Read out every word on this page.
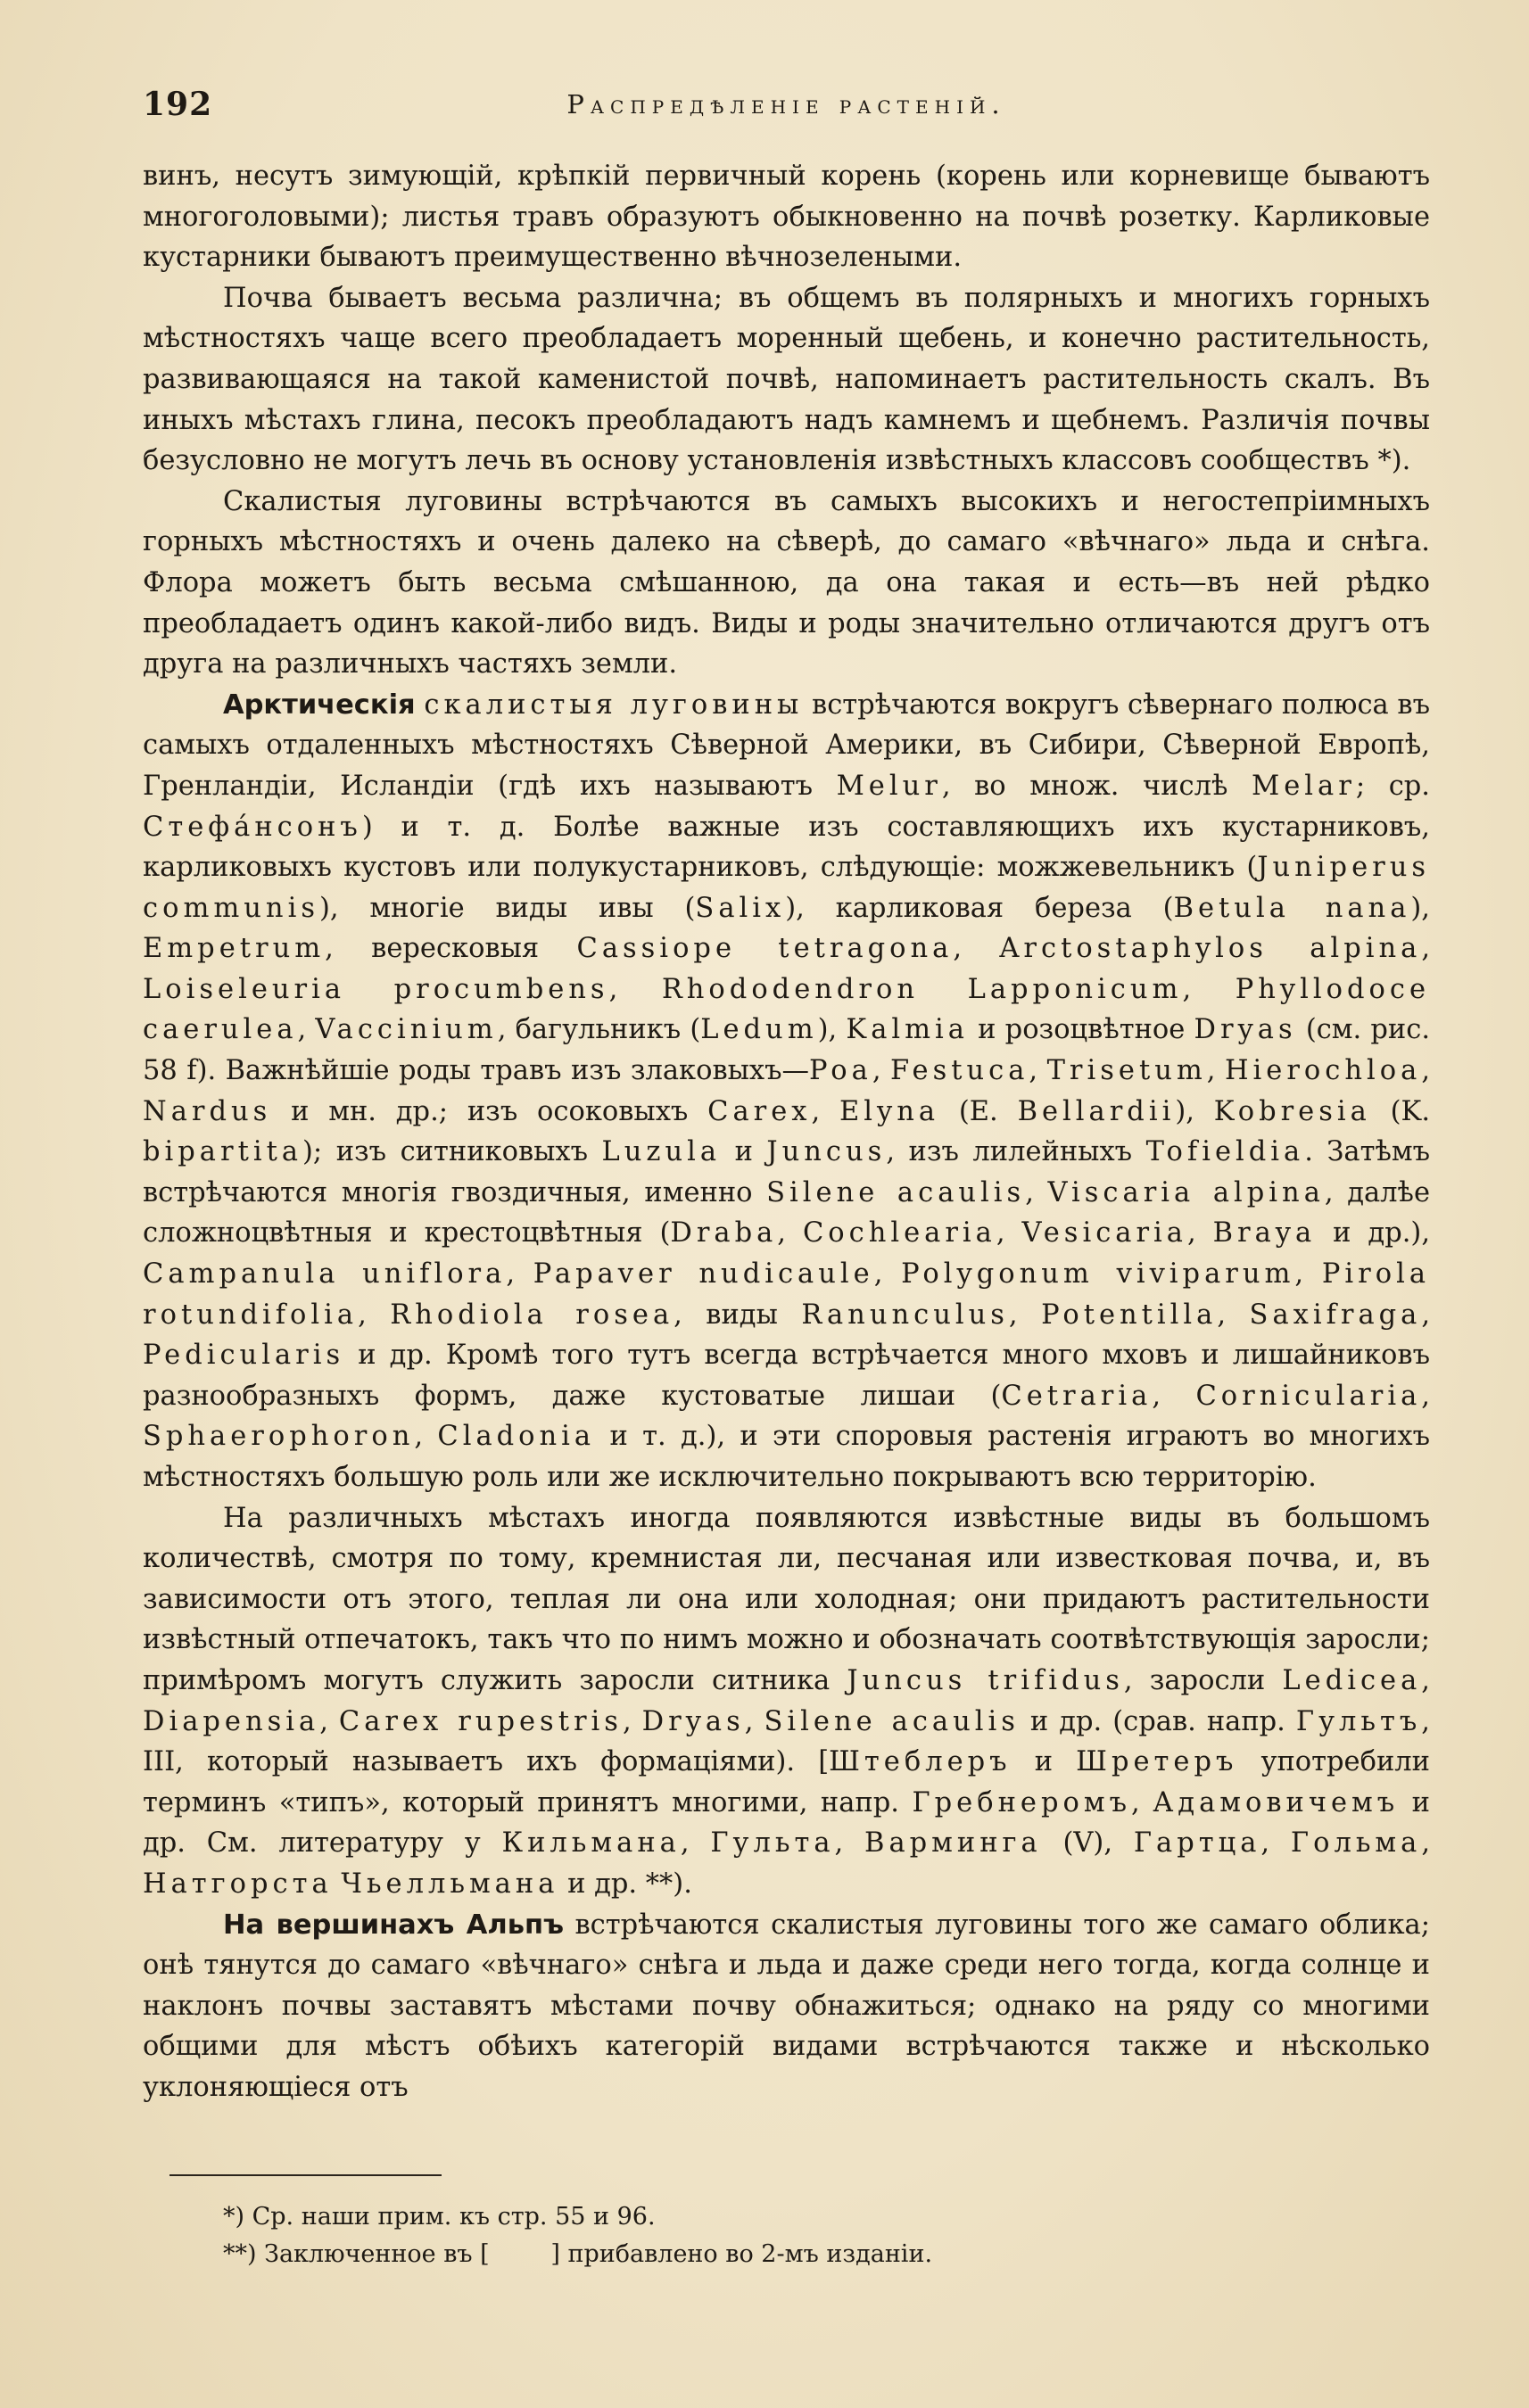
192	Распредѣленіе растенiй.

винъ, несутъ зимующій, крѣпкій первичный корень (корень или корневище бываютъ многоголовыми); листья травъ образуютъ обыкновенно на почвѣ розетку. Карликовые кустарники бываютъ преимущественно вѣчнозелеными.

Почва бываетъ весьма различна; въ общемъ въ полярныхъ и многихъ горныхъ мѣстностяхъ чаще всего преобладаетъ моренный щебень, и конечно растительность, развивающаяся на такой каменистой почвѣ, напоминаетъ растительность скалъ. Въ иныхъ мѣстахъ глина, песокъ преобладаютъ надъ камнемъ и щебнемъ. Различія почвы безусловно не могутъ лечь въ основу установленія извѣстныхъ классовъ сообществъ *).

Скалистыя луговины встрѣчаются въ самыхъ высокихъ и негостепріимныхъ горныхъ мѣстностяхъ и очень далеко на сѣверѣ, до самаго «вѣчнаго» льда и снѣга. Флора можетъ быть весьма смѣшанною, да она такая и есть—въ ней рѣдко преобладаетъ одинъ какой-либо видъ. Виды и роды значительно отличаются другъ отъ друга на различныхъ частяхъ земли.

Арктическія скалистыя луговины встрѣчаются вокругъ сѣвернаго полюса въ самыхъ отдаленныхъ мѣстностяхъ Сѣверной Америки, въ Сибири, Сѣверной Европѣ, Гренландіи, Исландіи (гдѣ ихъ называютъ Melur, во множ. числѣ Melar; ср. Стефáнсонъ) и т. д. Болѣе важные изъ составляющихъ ихъ кустарниковъ, карликовыхъ кустовъ или полукустарниковъ, слѣдующіе: можжевельникъ (Juniperus communis), многіе виды ивы (Salix), карликовая береза (Betula nana), Empetrum, вересковыя Cassiope tetragona, Arctostaphylos alpina, Loiseleuria procumbens, Rhododendron Lapponicum, Phyllodoce caerulea, Vaccinium, багульникъ (Ledum), Kalmia и розоцвѣтное Dryas (см. рис. 58 f). Важнѣйшіе роды травъ изъ злаковыхъ—Poa, Festuca, Trisetum, Hierochloa, Nardus и мн. др.; изъ осоковыхъ Carex, Elyna (E. Bellardii), Kobresia (K. bipartita); изъ ситниковыхъ Luzula и Juncus, изъ лилейныхъ Tofieldia. Затѣмъ встрѣчаются многія гвоздичныя, именно Silene acaulis, Viscaria alpina, далѣе сложноцвѣтныя и крестоцвѣтныя (Draba, Cochlearia, Vesicaria, Braya и др.), Campanula uniflora, Papaver nudicaule, Polygonum viviparum, Pirola rotundifolia, Rhodiola rosea, виды Ranunculus, Potentilla, Saxifraga, Pedicularis и др. Кромѣ того тутъ всегда встрѣчается много мховъ и лишайниковъ разнообразныхъ формъ, даже кустоватые лишаи (Cetraria, Cornicularia, Sphaerophoron, Cladonia и т. д.), и эти споровыя растенія играютъ во многихъ мѣстностяхъ большую роль или же исключительно покрываютъ всю территорію.

На различныхъ мѣстахъ иногда появляются извѣстные виды въ большомъ количествѣ, смотря по тому, кремнистая ли, песчаная или известковая почва, и, въ зависимости отъ этого, теплая ли она или холодная; они придаютъ растительности извѣстный отпечатокъ, такъ что по нимъ можно и обозначать соотвѣтствующія заросли; примѣромъ могутъ служить заросли ситника Juncus trifidus, заросли Ledicea, Diapensia, Carex rupestris, Dryas, Silene acaulis и др. (срав. напр. Гультъ, III, который называетъ ихъ формаціями). [Штеблеръ и Шретеръ употребили терминъ «типъ», который принятъ многими, напр. Гребнеромъ, Адамовичемъ и др. См. литературу у Кильмана, Гульта, Варминга (V), Гартца, Гольма, Натгорста Чьелльмана и др. **).

На вершинахъ Альпъ встрѣчаются скалистыя луговины того же самаго облика; онѣ тянутся до самаго «вѣчнаго» снѣга и льда и даже среди него тогда, когда солнце и наклонъ почвы заставятъ мѣстами почву обнажиться; однако на ряду со многими общими для мѣстъ обѣихъ категорій видами встрѣчаются также и нѣсколько уклоняющіеся отъ

*) Ср. наши прим. къ стр. 55 и 96.
**) Заключенное въ [        ] прибавлено во 2-мъ изданіи.
